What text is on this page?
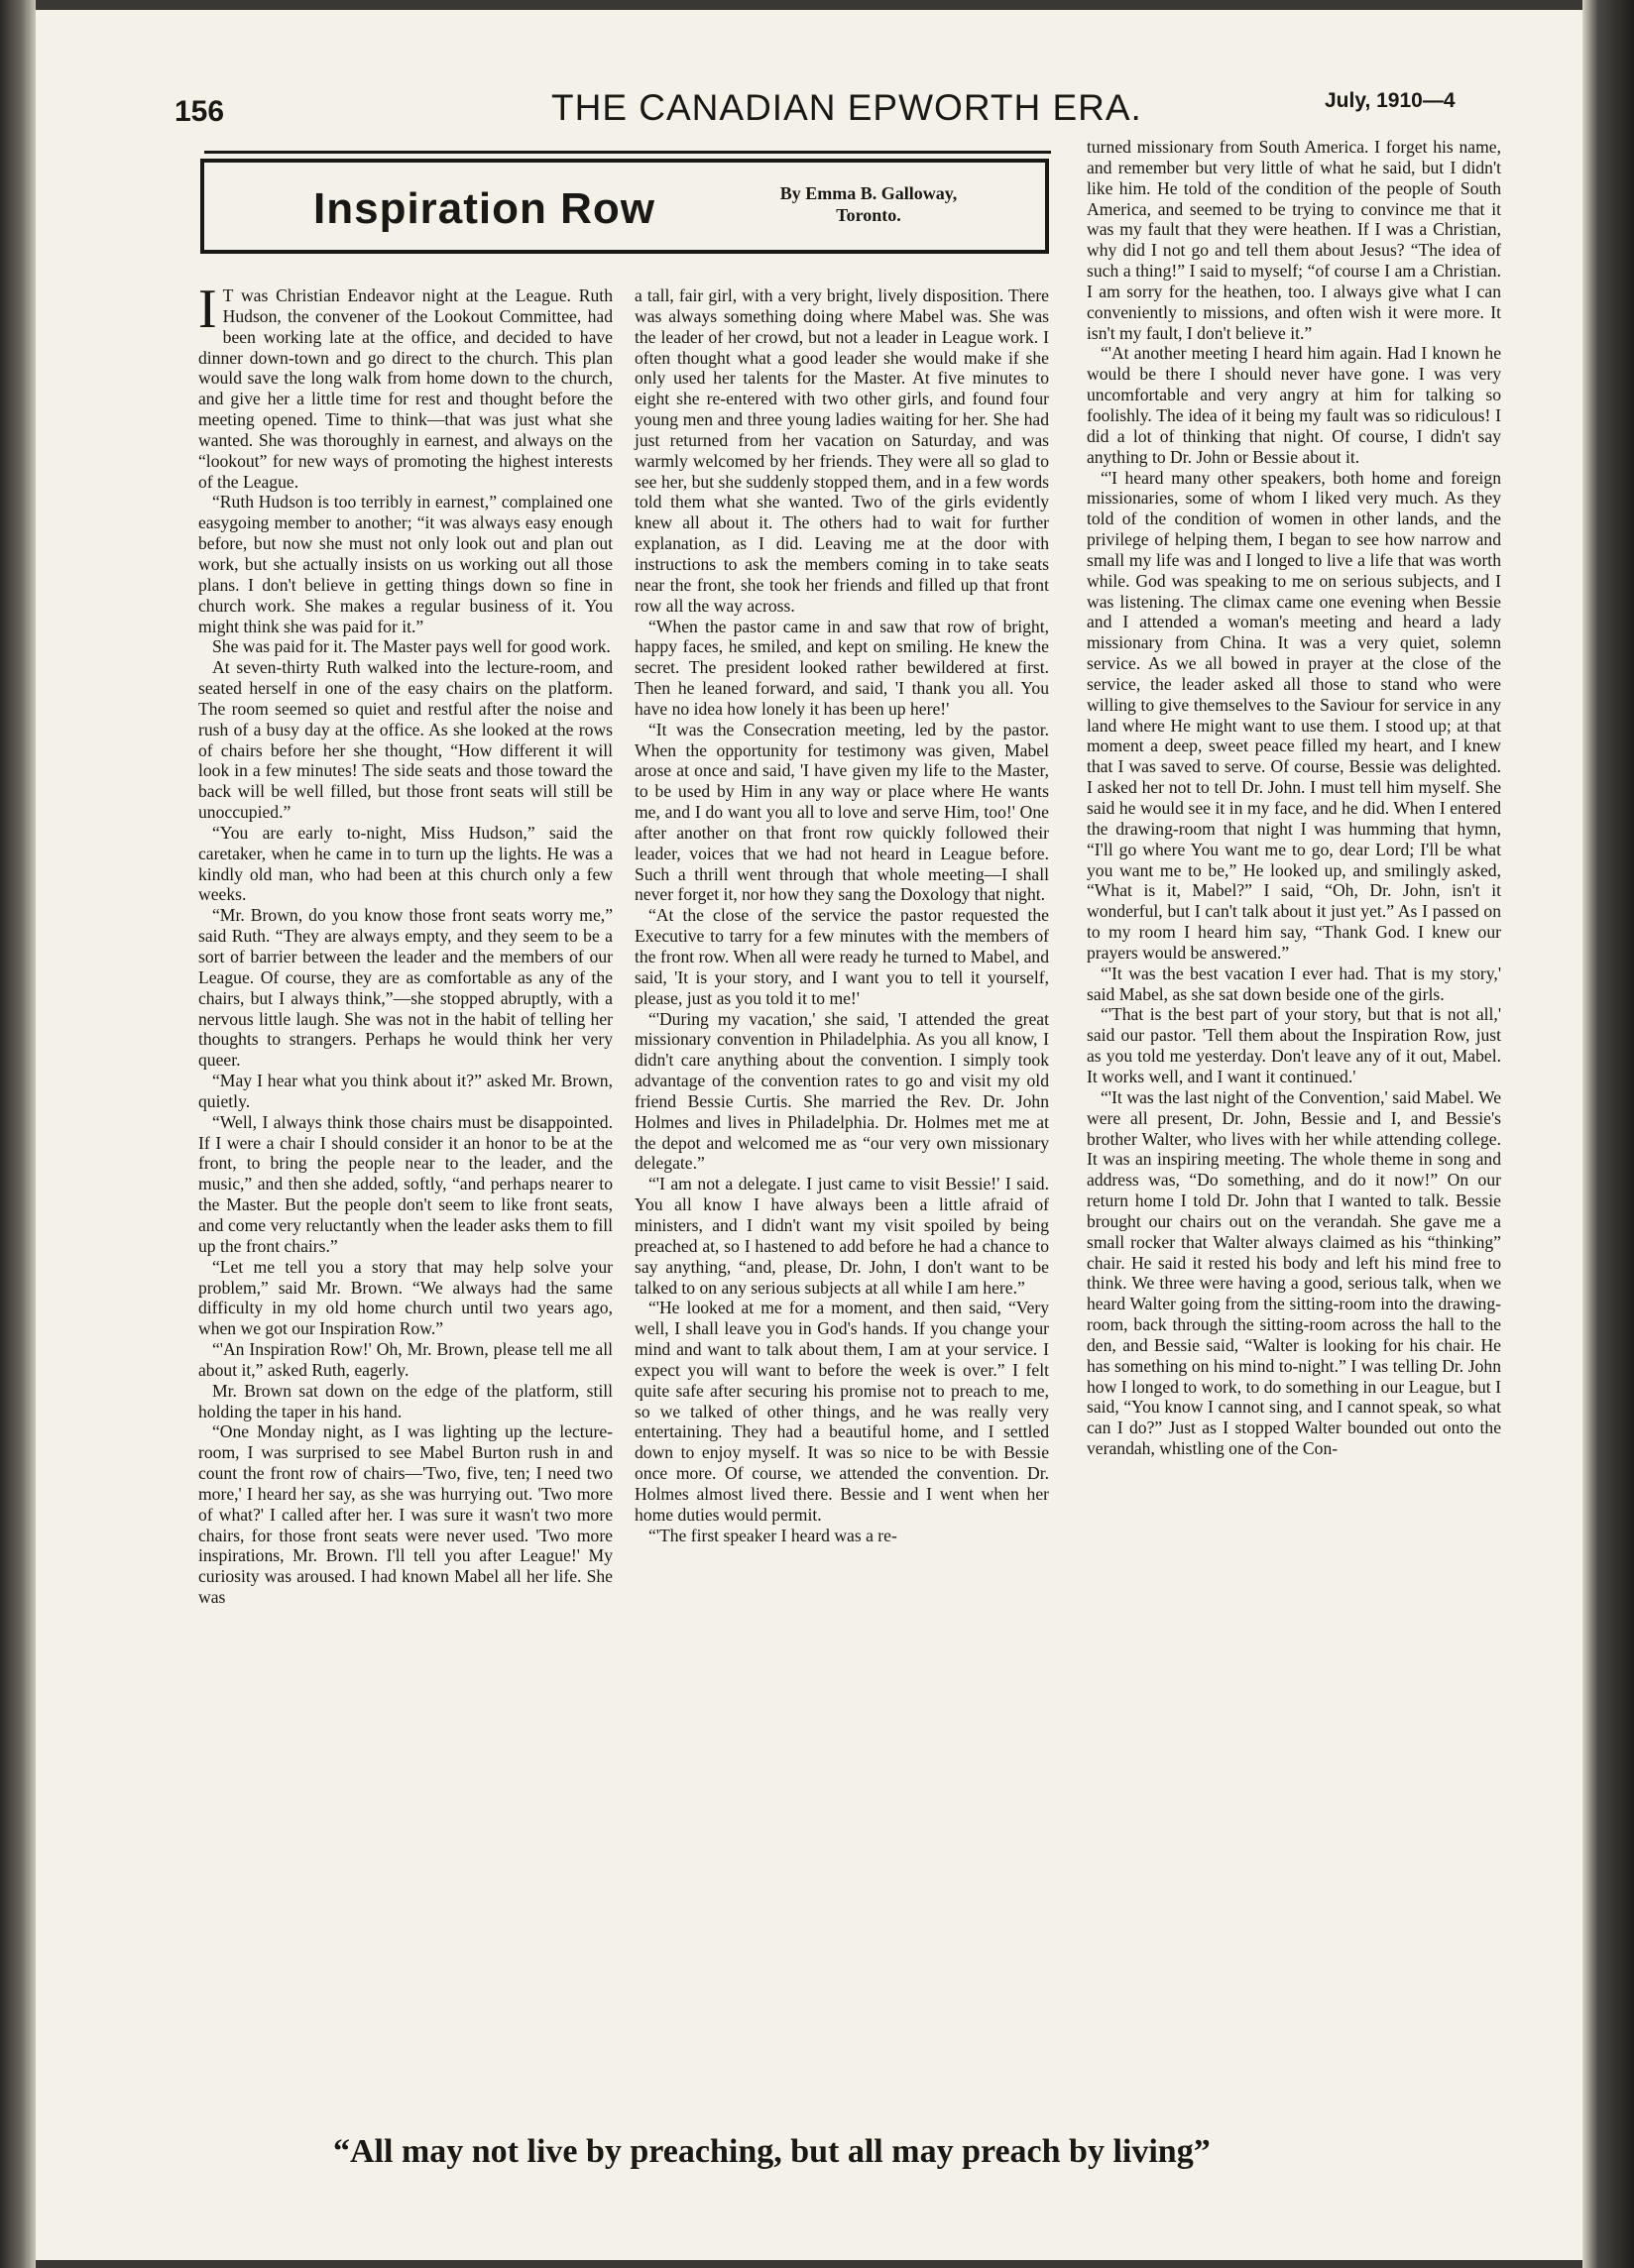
156	THE CANADIAN EPWORTH ERA.	July, 1910—4
Inspiration Row	By Emma B. Galloway,
Toronto.

I T was Christian Endeavor night at the League. Ruth Hudson, the convener of the Lookout Committee, had been working late at the office, and decided to have dinner down-town and go direct to the church. This plan would save the long walk from home down to the church, and give her a little time for rest and thought before the meeting opened. Time to think—that was just what she wanted. She was thoroughly in earnest, and always on the “lookout” for new ways of promoting the highest interests of the League.

“Ruth Hudson is too terribly in earnest,” complained one easygoing member to another; “it was always easy enough before, but now she must not only look out and plan out work, but she actually insists on us working out all those plans. I don't believe in getting things down so fine in church work. She makes a regular business of it. You might think she was paid for it.”

She was paid for it. The Master pays well for good work.

At seven-thirty Ruth walked into the lecture-room, and seated herself in one of the easy chairs on the platform. The room seemed so quiet and restful after the noise and rush of a busy day at the office. As she looked at the rows of chairs before her she thought, “How different it will look in a few minutes! The side seats and those toward the back will be well filled, but those front seats will still be unoccupied.”

“You are early to-night, Miss Hudson,” said the caretaker, when he came in to turn up the lights. He was a kindly old man, who had been at this church only a few weeks.

“Mr. Brown, do you know those front seats worry me,” said Ruth. “They are always empty, and they seem to be a sort of barrier between the leader and the members of our League. Of course, they are as comfortable as any of the chairs, but I always think,”—she stopped abruptly, with a nervous little laugh. She was not in the habit of telling her thoughts to strangers. Perhaps he would think her very queer.

“May I hear what you think about it?” asked Mr. Brown, quietly.

“Well, I always think those chairs must be disappointed. If I were a chair I should consider it an honor to be at the front, to bring the people near to the leader, and the music,” and then she added, softly, “and perhaps nearer to the Master. But the people don't seem to like front seats, and come very reluctantly when the leader asks them to fill up the front chairs.”

“Let me tell you a story that may help solve your problem,” said Mr. Brown. “We always had the same difficulty in my old home church until two years ago, when we got our Inspiration Row.”

“'An Inspiration Row!' Oh, Mr. Brown, please tell me all about it,” asked Ruth, eagerly.

Mr. Brown sat down on the edge of the platform, still holding the taper in his hand.

“One Monday night, as I was lighting up the lecture-room, I was surprised to see Mabel Burton rush in and count the front row of chairs—'Two, five, ten; I need two more,' I heard her say, as she was hurrying out. 'Two more of what?' I called after her. I was sure it wasn't two more chairs, for those front seats were never used. 'Two more inspirations, Mr. Brown. I'll tell you after League!' My curiosity was aroused. I had known Mabel all her life. She was

a tall, fair girl, with a very bright, lively disposition. There was always something doing where Mabel was. She was the leader of her crowd, but not a leader in League work. I often thought what a good leader she would make if she only used her talents for the Master. At five minutes to eight she re-entered with two other girls, and found four young men and three young ladies waiting for her. She had just returned from her vacation on Saturday, and was warmly welcomed by her friends. They were all so glad to see her, but she suddenly stopped them, and in a few words told them what she wanted. Two of the girls evidently knew all about it. The others had to wait for further explanation, as I did. Leaving me at the door with instructions to ask the members coming in to take seats near the front, she took her friends and filled up that front row all the way across.

“When the pastor came in and saw that row of bright, happy faces, he smiled, and kept on smiling. He knew the secret. The president looked rather bewildered at first. Then he leaned forward, and said, 'I thank you all. You have no idea how lonely it has been up here!'

“It was the Consecration meeting, led by the pastor. When the opportunity for testimony was given, Mabel arose at once and said, 'I have given my life to the Master, to be used by Him in any way or place where He wants me, and I do want you all to love and serve Him, too!' One after another on that front row quickly followed their leader, voices that we had not heard in League before. Such a thrill went through that whole meeting—I shall never forget it, nor how they sang the Doxology that night.

“At the close of the service the pastor requested the Executive to tarry for a few minutes with the members of the front row. When all were ready he turned to Mabel, and said, 'It is your story, and I want you to tell it yourself, please, just as you told it to me!'

“'During my vacation,' she said, 'I attended the great missionary convention in Philadelphia. As you all know, I didn't care anything about the convention. I simply took advantage of the convention rates to go and visit my old friend Bessie Curtis. She married the Rev. Dr. John Holmes and lives in Philadelphia. Dr. Holmes met me at the depot and welcomed me as “our very own missionary delegate.”

“'I am not a delegate. I just came to visit Bessie!' I said. You all know I have always been a little afraid of ministers, and I didn't want my visit spoiled by being preached at, so I hastened to add before he had a chance to say anything, “and, please, Dr. John, I don't want to be talked to on any serious subjects at all while I am here.”

“'He looked at me for a moment, and then said, “Very well, I shall leave you in God's hands. If you change your mind and want to talk about them, I am at your service. I expect you will want to before the week is over.” I felt quite safe after securing his promise not to preach to me, so we talked of other things, and he was really very entertaining. They had a beautiful home, and I settled down to enjoy myself. It was so nice to be with Bessie once more. Of course, we attended the convention. Dr. Holmes almost lived there. Bessie and I went when her home duties would permit.

“'The first speaker I heard was a re-

turned missionary from South America. I forget his name, and remember but very little of what he said, but I didn't like him. He told of the condition of the people of South America, and seemed to be trying to convince me that it was my fault that they were heathen. If I was a Christian, why did I not go and tell them about Jesus? “The idea of such a thing!” I said to myself; “of course I am a Christian. I am sorry for the heathen, too. I always give what I can conveniently to missions, and often wish it were more. It isn't my fault, I don't believe it.”

“'At another meeting I heard him again. Had I known he would be there I should never have gone. I was very uncomfortable and very angry at him for talking so foolishly. The idea of it being my fault was so ridiculous! I did a lot of thinking that night. Of course, I didn't say anything to Dr. John or Bessie about it.

“'I heard many other speakers, both home and foreign missionaries, some of whom I liked very much. As they told of the condition of women in other lands, and the privilege of helping them, I began to see how narrow and small my life was and I longed to live a life that was worth while. God was speaking to me on serious subjects, and I was listening. The climax came one evening when Bessie and I attended a woman's meeting and heard a lady missionary from China. It was a very quiet, solemn service. As we all bowed in prayer at the close of the service, the leader asked all those to stand who were willing to give themselves to the Saviour for service in any land where He might want to use them. I stood up; at that moment a deep, sweet peace filled my heart, and I knew that I was saved to serve. Of course, Bessie was delighted. I asked her not to tell Dr. John. I must tell him myself. She said he would see it in my face, and he did. When I entered the drawing-room that night I was humming that hymn, “I'll go where You want me to go, dear Lord; I'll be what you want me to be,” He looked up, and smilingly asked, “What is it, Mabel?” I said, “Oh, Dr. John, isn't it wonderful, but I can't talk about it just yet.” As I passed on to my room I heard him say, “Thank God. I knew our prayers would be answered.”

“'It was the best vacation I ever had. That is my story,' said Mabel, as she sat down beside one of the girls.

“'That is the best part of your story, but that is not all,' said our pastor. 'Tell them about the Inspiration Row, just as you told me yesterday. Don't leave any of it out, Mabel. It works well, and I want it continued.'

“'It was the last night of the Convention,' said Mabel. We were all present, Dr. John, Bessie and I, and Bessie's brother Walter, who lives with her while attending college. It was an inspiring meeting. The whole theme in song and address was, “Do something, and do it now!” On our return home I told Dr. John that I wanted to talk. Bessie brought our chairs out on the verandah. She gave me a small rocker that Walter always claimed as his “thinking” chair. He said it rested his body and left his mind free to think. We three were having a good, serious talk, when we heard Walter going from the sitting-room into the drawing-room, back through the sitting-room across the hall to the den, and Bessie said, “Walter is looking for his chair. He has something on his mind to-night.” I was telling Dr. John how I longed to work, to do something in our League, but I said, “You know I cannot sing, and I cannot speak, so what can I do?” Just as I stopped Walter bounded out onto the verandah, whistling one of the Con-

“All may not live by preaching, but all may preach by living”
